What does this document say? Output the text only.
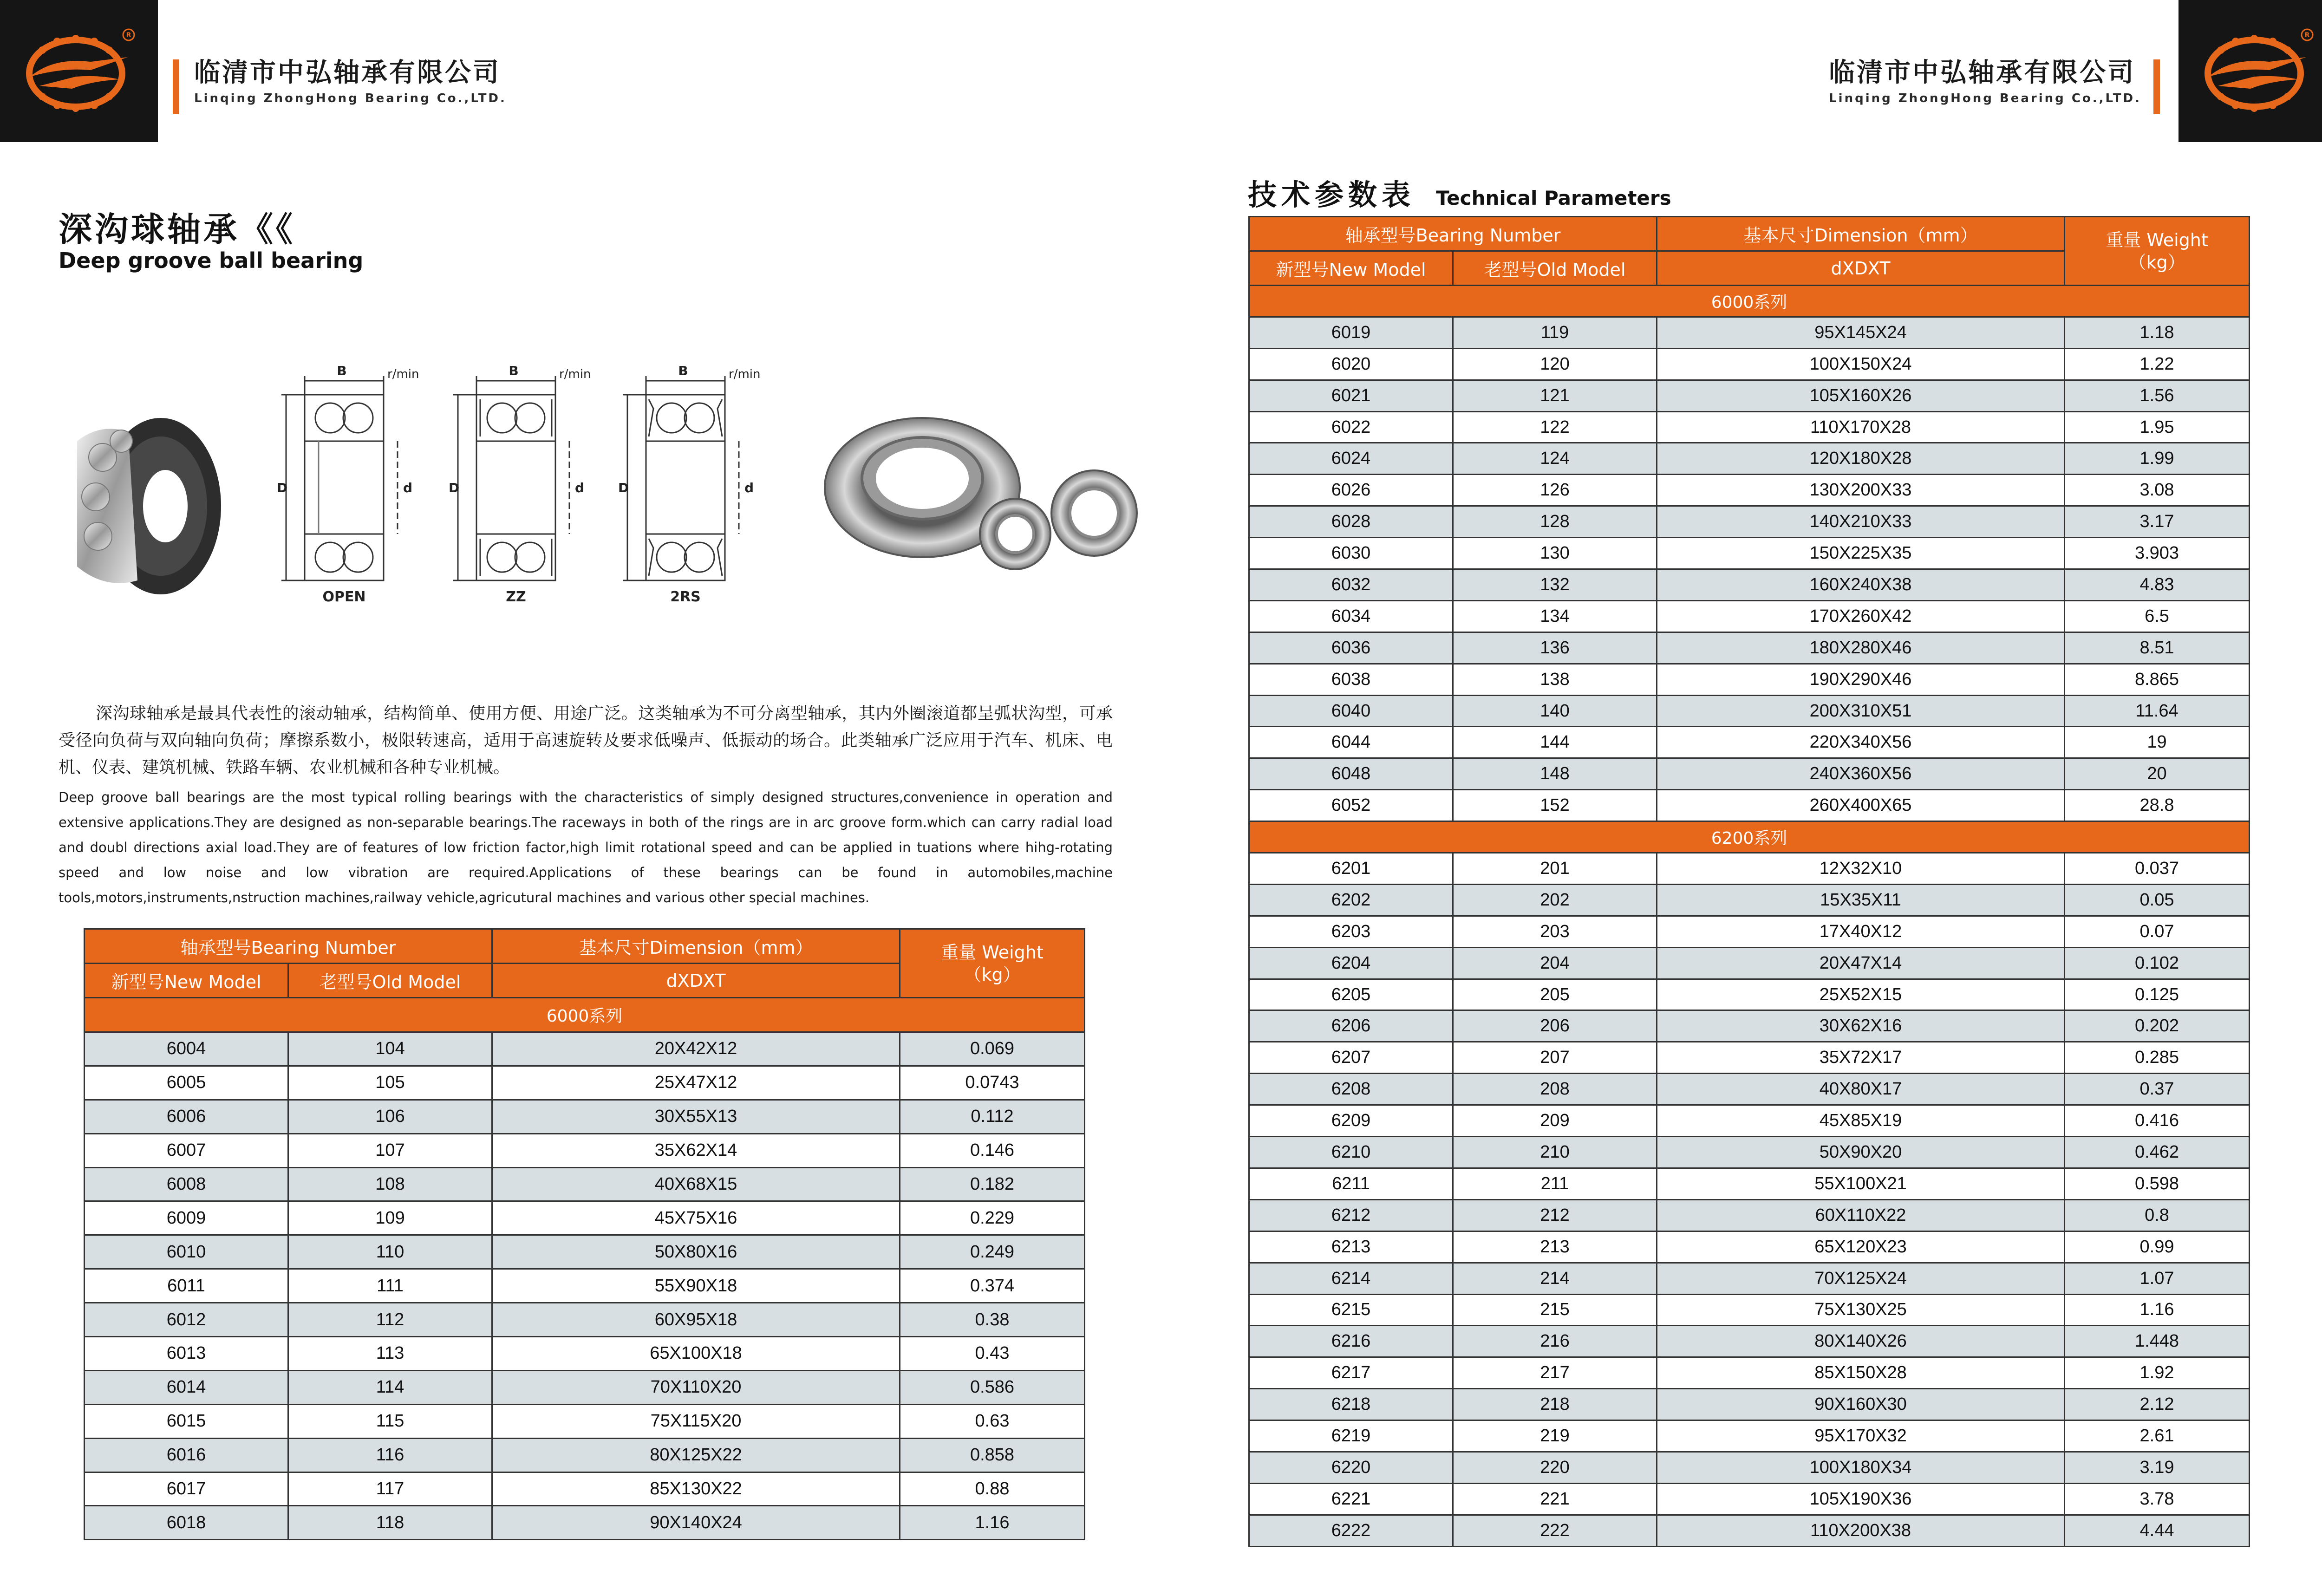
R	R
临清市中弘轴承有限公司
Linqing ZhongHong Bearing Co.,LTD.
临清市中弘轴承有限公司
Linqing ZhongHong Bearing Co.,LTD.
深沟球轴承《《
Deep groove ball bearing
B	r/min
D	d
OPEN
B	r/min
D	d
ZZ
B	r/min
D	d
2RS

深沟球轴承是最具代表性的滚动轴承，结构简单、使用方便、用途广泛。这类轴承为不可分离型轴承，其内外圈滚道都呈弧状沟型，可承受径向负荷与双向轴向负荷；摩擦系数小，极限转速高，适用于高速旋转及要求低噪声、低振动的场合。此类轴承广泛应用于汽车、机床、电机、仪表、建筑机械、铁路车辆、农业机械和各种专业机械。

Deep groove ball bearings are the most typical rolling bearings with the characteristics of simply designed structures,convenience in operation and extensive applications.They are designed as non-separable bearings.The raceways in both of the rings are in arc groove form.which can carry radial load and doubl directions axial load.They are of features of low friction factor,high limit rotational speed and can be applied in tuations where hihg-rotating speed and low noise and low vibration are required.Applications of these bearings can be found in automobiles,machine tools,motors,instruments,nstruction machines,railway vehicle,agricutural machines and various other special machines.

轴承型号Bearing Number		基本尺寸Dimension（mm）	重量 Weight
（kg）

新型号New Model	老型号Old Model	dXDXT	
6000系列			
6004	104	20X42X12	0.069
6005	105	25X47X12	0.0743
6006	106	30X55X13	0.112
6007	107	35X62X14	0.146
6008	108	40X68X15	0.182
6009	109	45X75X16	0.229
6010	110	50X80X16	0.249
6011	111	55X90X18	0.374
6012	112	60X95X18	0.38
6013	113	65X100X18	0.43
6014	114	70X110X20	0.586
6015	115	75X115X20	0.63
6016	116	80X125X22	0.858
6017	117	85X130X22	0.88
6018	118	90X140X24	1.16
技术参数表 Technical Parameters
轴承型号Bearing Number		基本尺寸Dimension（mm）	重量 Weight
（kg）

新型号New Model	老型号Old Model	dXDXT	
6000系列			
6019	119	95X145X24	1.18
6020	120	100X150X24	1.22
6021	121	105X160X26	1.56
6022	122	110X170X28	1.95
6024	124	120X180X28	1.99
6026	126	130X200X33	3.08
6028	128	140X210X33	3.17
6030	130	150X225X35	3.903
6032	132	160X240X38	4.83
6034	134	170X260X42	6.5
6036	136	180X280X46	8.51
6038	138	190X290X46	8.865
6040	140	200X310X51	11.64
6044	144	220X340X56	19
6048	148	240X360X56	20
6052	152	260X400X65	28.8
6200系列			
6201	201	12X32X10	0.037
6202	202	15X35X11	0.05
6203	203	17X40X12	0.07
6204	204	20X47X14	0.102
6205	205	25X52X15	0.125
6206	206	30X62X16	0.202
6207	207	35X72X17	0.285
6208	208	40X80X17	0.37
6209	209	45X85X19	0.416
6210	210	50X90X20	0.462
6211	211	55X100X21	0.598
6212	212	60X110X22	0.8
6213	213	65X120X23	0.99
6214	214	70X125X24	1.07
6215	215	75X130X25	1.16
6216	216	80X140X26	1.448
6217	217	85X150X28	1.92
6218	218	90X160X30	2.12
6219	219	95X170X32	2.61
6220	220	100X180X34	3.19
6221	221	105X190X36	3.78
6222	222	110X200X38	4.44
